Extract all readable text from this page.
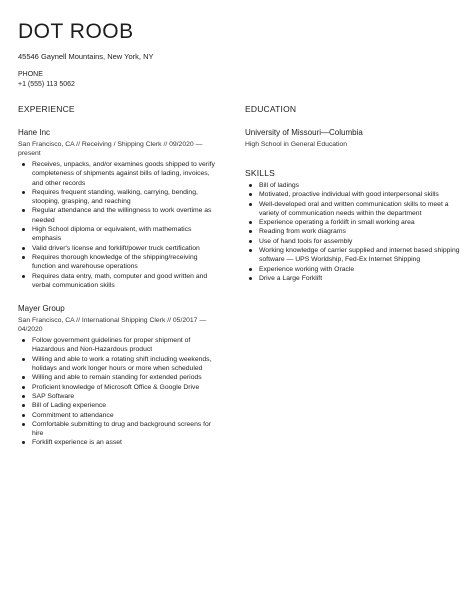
DOT ROOB
45546 Gaynell Mountains, New York, NY
PHONE
+1 (555) 113 5062
EXPERIENCE
Hane Inc
San Francisco, CA // Receiving / Shipping Clerk // 09/2020 — present
Receives, unpacks, and/or examines goods shipped to verify completeness of shipments against bills of lading, invoices, and other records
Requires frequent standing, walking, carrying, bending, stooping, grasping, and reaching
Regular attendance and the willingness to work overtime as needed
High School diploma or equivalent, with mathematics emphasis
Valid driver's license and forklift/power truck certification
Requires thorough knowledge of the shipping/receiving function and warehouse operations
Requires data entry, math, computer and good written and verbal communication skills
Mayer Group
San Francisco, CA // International Shipping Clerk // 05/2017 — 04/2020
Follow government guidelines for proper shipment of Hazardous and Non-Hazardous product
Willing and able to work a rotating shift including weekends, holidays and work longer hours or more when scheduled
Willing and able to remain standing for extended periods
Proficient knowledge of Microsoft Office & Google Drive
SAP Software
Bill of Lading experience
Commitment to attendance
Comfortable submitting to drug and background screens for hire
Forklift experience is an asset
EDUCATION
University of Missouri—Columbia
High School in General Education
SKILLS
Bill of ladings
Motivated, proactive individual with good interpersonal skills
Well-developed oral and written communication skills to meet a variety of communication needs within the department
Experience operating a forklift in small working area
Reading from work diagrams
Use of hand tools for assembly
Working knowledge of carrier supplied and internet based shipping software — UPS Worldship, Fed-Ex Internet Shipping
Experience working with Oracle
Drive a Large Forklift
